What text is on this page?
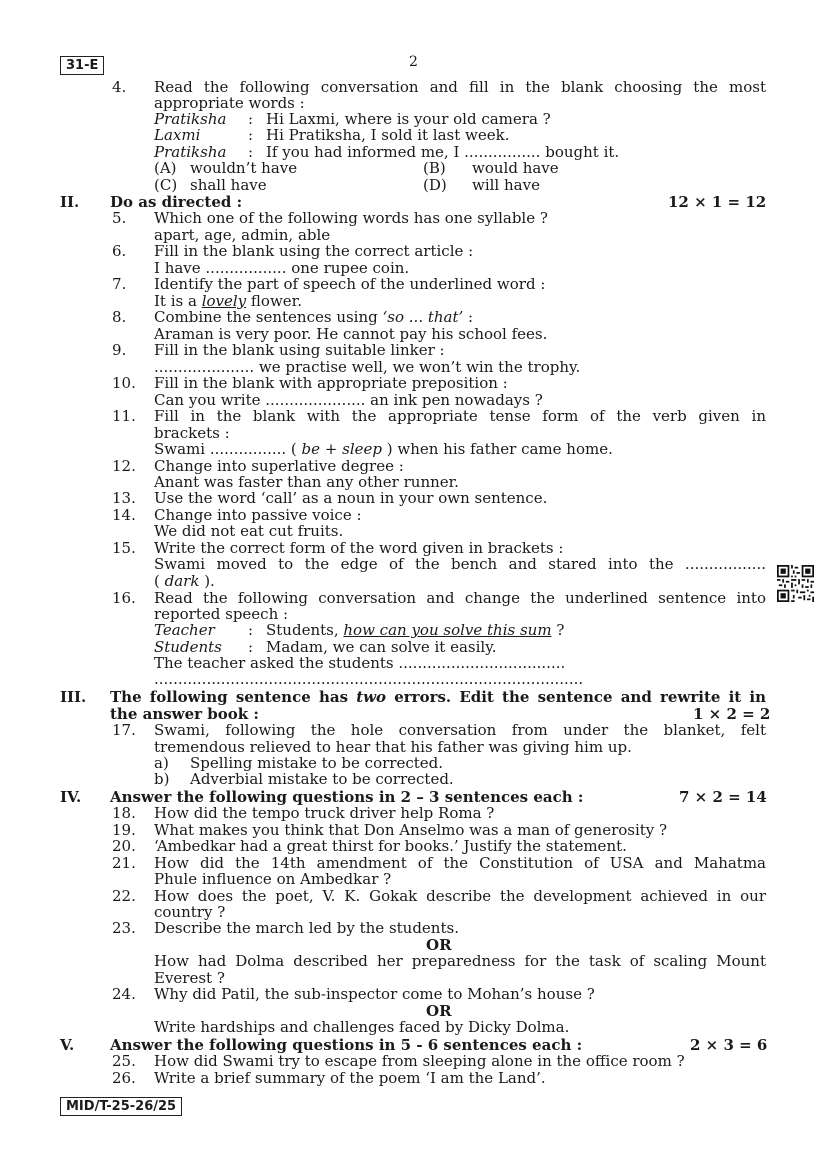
31-E	2
4. Read the following conversation and fill in the blank choosing the most
appropriate words :
Pratiksha : Hi Laxmi, where is your old camera ?
Laxmi	: Hi Pratiksha, I sold it last week.
Pratiksha : If you had informed me, I ................ bought it.
(A) wouldn’t have	(B) would have
(C) shall have	(D) will have
II. Do as directed :	12 × 1 = 12
5. Which one of the following words has one syllable ?
apart, age, admin, able
6. Fill in the blank using the correct article :
I have ................. one rupee coin.
7. Identify the part of speech of the underlined word :
It is a lovely flower.
8. Combine the sentences using ‘so ... that’ :
Araman is very poor. He cannot pay his school fees.
9. Fill in the blank using suitable linker :
..................... we practise well, we won’t win the trophy.
10. Fill in the blank with appropriate preposition :
Can you write ..................... an ink pen nowadays ?
11. Fill in the blank with the appropriate tense form of the verb given in
brackets :
Swami ................ ( be + sleep ) when his father came home.
12. Change into superlative degree :
Anant was faster than any other runner.
13. Use the word ‘call’ as a noun in your own sentence.
14. Change into passive voice :
We did not eat cut fruits.
15. Write the correct form of the word given in brackets :
Swami moved to the edge of the bench and stared into the .................
( dark ).
16. Read the following conversation and change the underlined sentence into
reported speech :
Teacher : Students, how can you solve this sum ?
Students : Madam, we can solve it easily.
The teacher asked the students ...................................
..........................................................................................
III. The following sentence has two errors. Edit the sentence and rewrite it in
the answer book :	1 × 2 = 2
17. Swami, following the hole conversation from under the blanket, felt
tremendous relieved to hear that his father was giving him up.
a) Spelling mistake to be corrected.
b) Adverbial mistake to be corrected.
IV. Answer the following questions in 2 – 3 sentences each :	7 × 2 = 14
18. How did the tempo truck driver help Roma ?
19. What makes you think that Don Anselmo was a man of generosity ?
20. ‘Ambedkar had a great thirst for books.’ Justify the statement.
21. How did the 14th amendment of the Constitution of USA and Mahatma
Phule influence on Ambedkar ?
22. How does the poet, V. K. Gokak describe the development achieved in our
country ?
23. Describe the march led by the students.
OR
How had Dolma described her preparedness for the task of scaling Mount
Everest ?
24. Why did Patil, the sub-inspector come to Mohan’s house ?
OR
Write hardships and challenges faced by Dicky Dolma.
V. Answer the following questions in 5 - 6 sentences each :	2 × 3 = 6
25. How did Swami try to escape from sleeping alone in the office room ?
26. Write a brief summary of the poem ‘I am the Land’.
MID/T-25-26/25
